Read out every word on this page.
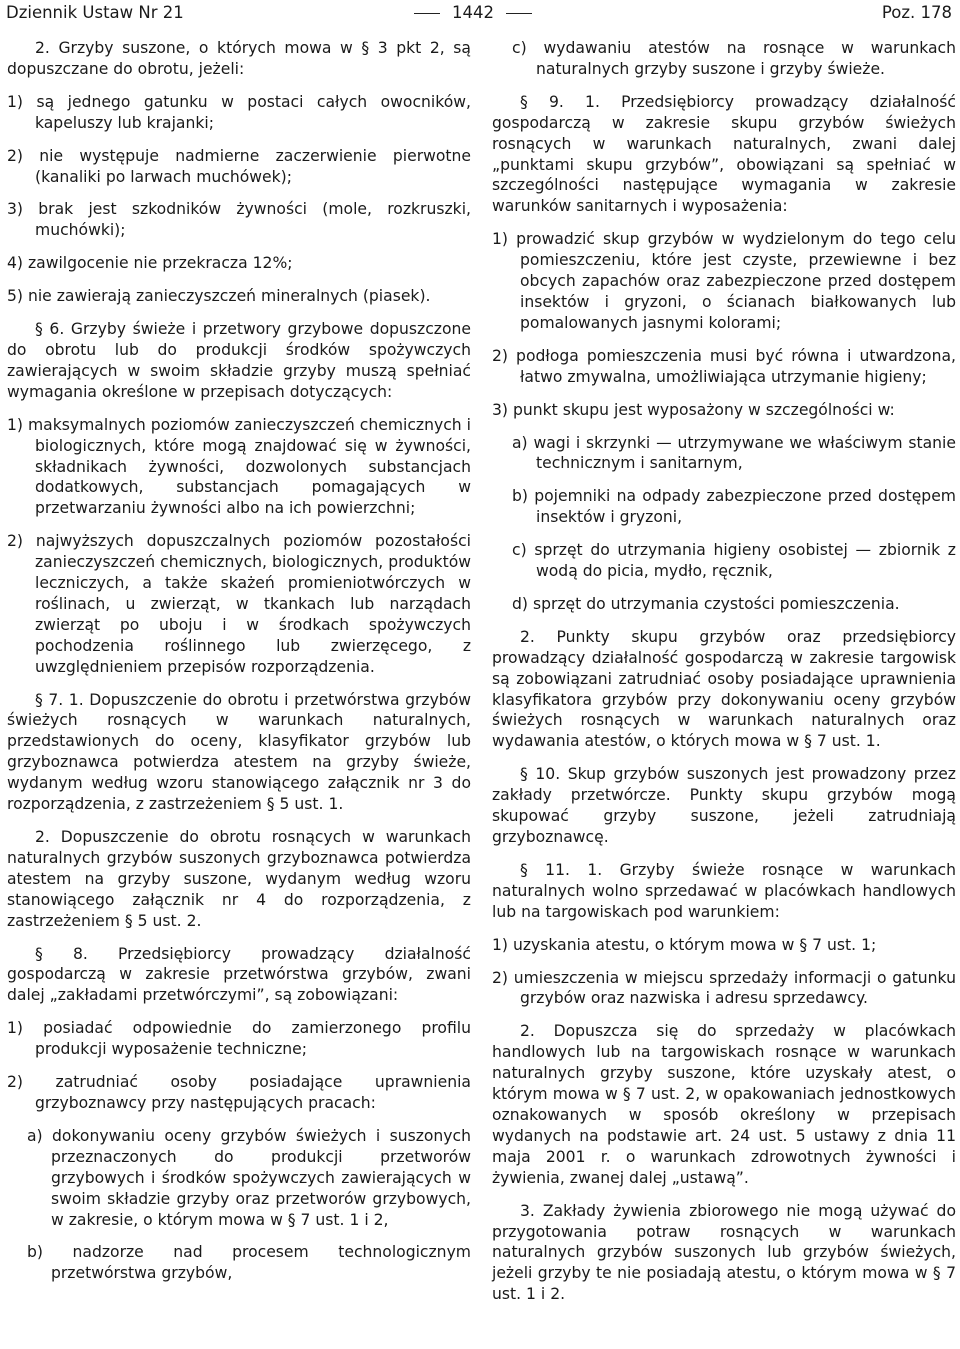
Dziennik Ustaw Nr 21	1442	Poz. 178
2. Grzyby suszone, o których mowa w § 3 pkt 2, są dopuszczane do obrotu, jeżeli:
1) są jednego gatunku w postaci całych owocników, kapeluszy lub krajanki;
2) nie występuje nadmierne zaczerwienie pierwotne (kanaliki po larwach muchówek);
3) brak jest szkodników żywności (mole, rozkruszki, muchówki);
4) zawilgocenie nie przekracza 12%;
5) nie zawierają zanieczyszczeń mineralnych (piasek).
§ 6. Grzyby świeże i przetwory grzybowe dopuszczone do obrotu lub do produkcji środków spożywczych zawierających w swoim składzie grzyby muszą spełniać wymagania określone w przepisach dotyczących:
1) maksymalnych poziomów zanieczyszczeń chemicznych i biologicznych, które mogą znajdować się w żywności, składnikach żywności, dozwolonych substancjach dodatkowych, substancjach pomagających w przetwarzaniu żywności albo na ich powierzchni;
2) najwyższych dopuszczalnych poziomów pozostałości zanieczyszczeń chemicznych, biologicznych, produktów leczniczych, a także skażeń promieniotwórczych w roślinach, u zwierząt, w tkankach lub narządach zwierząt po uboju i w środkach spożywczych pochodzenia roślinnego lub zwierzęcego, z uwzględnieniem przepisów rozporządzenia.
§ 7. 1. Dopuszczenie do obrotu i przetwórstwa grzybów świeżych rosnących w warunkach naturalnych, przedstawionych do oceny, klasyfikator grzybów lub grzyboznawca potwierdza atestem na grzyby świeże, wydanym według wzoru stanowiącego załącznik nr 3 do rozporządzenia, z zastrzeżeniem § 5 ust. 1.
2. Dopuszczenie do obrotu rosnących w warunkach naturalnych grzybów suszonych grzyboznawca potwierdza atestem na grzyby suszone, wydanym według wzoru stanowiącego załącznik nr 4 do rozporządzenia, z zastrzeżeniem § 5 ust. 2.
§ 8. Przedsiębiorcy prowadzący działalność gospodarczą w zakresie przetwórstwa grzybów, zwani dalej „zakładami przetwórczymi”, są zobowiązani:
1) posiadać odpowiednie do zamierzonego profilu produkcji wyposażenie techniczne;
2) zatrudniać osoby posiadające uprawnienia grzyboznawcy przy następujących pracach:
a) dokonywaniu oceny grzybów świeżych i suszonych przeznaczonych do produkcji przetworów grzybowych i środków spożywczych zawierających w swoim składzie grzyby oraz przetworów grzybowych, w zakresie, o którym mowa w § 7 ust. 1 i 2,
b) nadzorze nad procesem technologicznym przetwórstwa grzybów,
c) wydawaniu atestów na rosnące w warunkach naturalnych grzyby suszone i grzyby świeże.
§ 9. 1. Przedsiębiorcy prowadzący działalność gospodarczą w zakresie skupu grzybów świeżych rosnących w warunkach naturalnych, zwani dalej „punktami skupu grzybów”, obowiązani są spełniać w szczególności następujące wymagania w zakresie warunków sanitarnych i wyposażenia:
1) prowadzić skup grzybów w wydzielonym do tego celu pomieszczeniu, które jest czyste, przewiewne i bez obcych zapachów oraz zabezpieczone przed dostępem insektów i gryzoni, o ścianach białkowanych lub pomalowanych jasnymi kolorami;
2) podłoga pomieszczenia musi być równa i utwardzona, łatwo zmywalna, umożliwiająca utrzymanie higieny;
3) punkt skupu jest wyposażony w szczególności w:
a) wagi i skrzynki — utrzymywane we właściwym stanie technicznym i sanitarnym,
b) pojemniki na odpady zabezpieczone przed dostępem insektów i gryzoni,
c) sprzęt do utrzymania higieny osobistej — zbiornik z wodą do picia, mydło, ręcznik,
d) sprzęt do utrzymania czystości pomieszczenia.
2. Punkty skupu grzybów oraz przedsiębiorcy prowadzący działalność gospodarczą w zakresie targowisk są zobowiązani zatrudniać osoby posiadające uprawnienia klasyfikatora grzybów przy dokonywaniu oceny grzybów świeżych rosnących w warunkach naturalnych oraz wydawania atestów, o których mowa w § 7 ust. 1.
§ 10. Skup grzybów suszonych jest prowadzony przez zakłady przetwórcze. Punkty skupu grzybów mogą skupować grzyby suszone, jeżeli zatrudniają grzyboznawcę.
§ 11. 1. Grzyby świeże rosnące w warunkach naturalnych wolno sprzedawać w placówkach handlowych lub na targowiskach pod warunkiem:
1) uzyskania atestu, o którym mowa w § 7 ust. 1;
2) umieszczenia w miejscu sprzedaży informacji o gatunku grzybów oraz nazwiska i adresu sprzedawcy.
2. Dopuszcza się do sprzedaży w placówkach handlowych lub na targowiskach rosnące w warunkach naturalnych grzyby suszone, które uzyskały atest, o którym mowa w § 7 ust. 2, w opakowaniach jednostkowych oznakowanych w sposób określony w przepisach wydanych na podstawie art. 24 ust. 5 ustawy z dnia 11 maja 2001 r. o warunkach zdrowotnych żywności i żywienia, zwanej dalej „ustawą”.
3. Zakłady żywienia zbiorowego nie mogą używać do przygotowania potraw rosnących w warunkach naturalnych grzybów suszonych lub grzybów świeżych, jeżeli grzyby te nie posiadają atestu, o którym mowa w § 7 ust. 1 i 2.
